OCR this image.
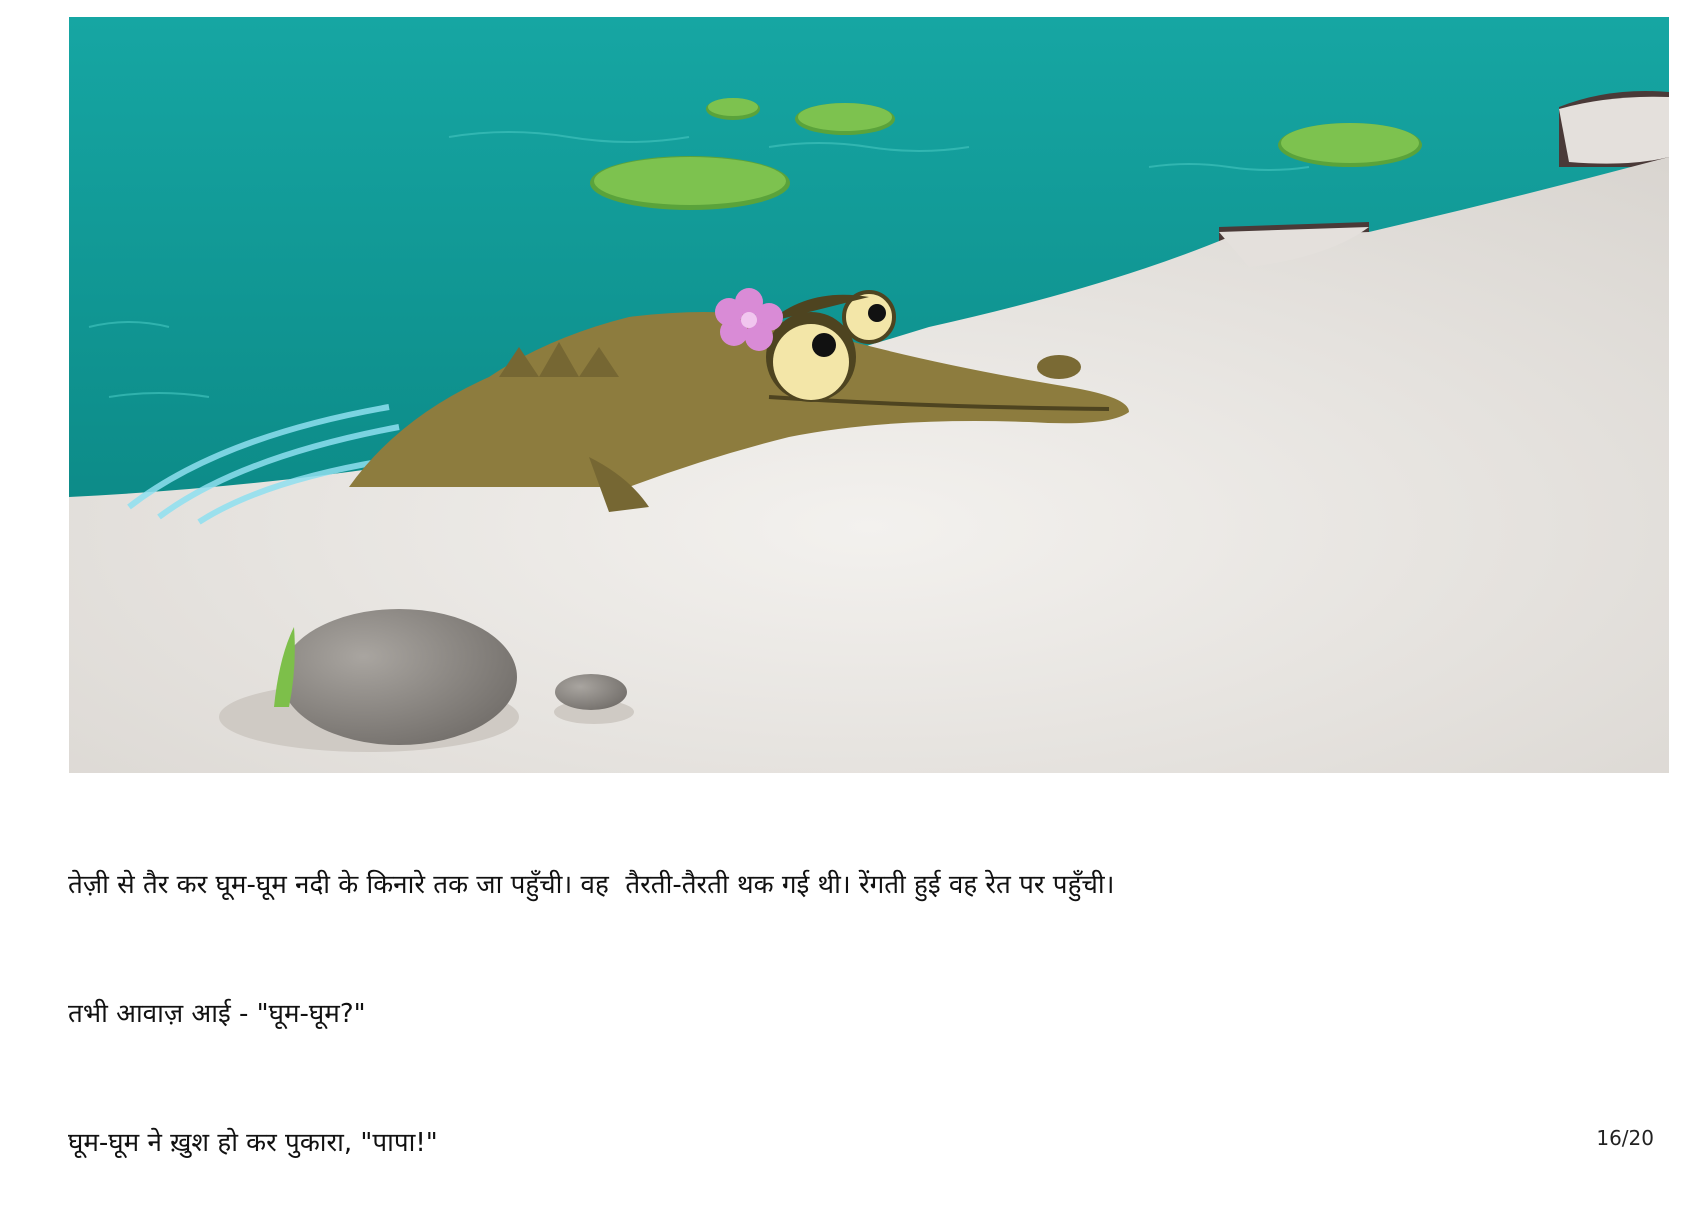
तेज़ी से तैर कर घूम-घूम नदी के किनारे तक जा पहुँची। वह  तैरती-तैरती थक गई थी। रेंगती हुई वह रेत पर पहुँची।

तभी आवाज़ आई - "घूम-घूम?"

घूम-घूम ने ख़ुश हो कर पुकारा, "पापा!"	16/20
